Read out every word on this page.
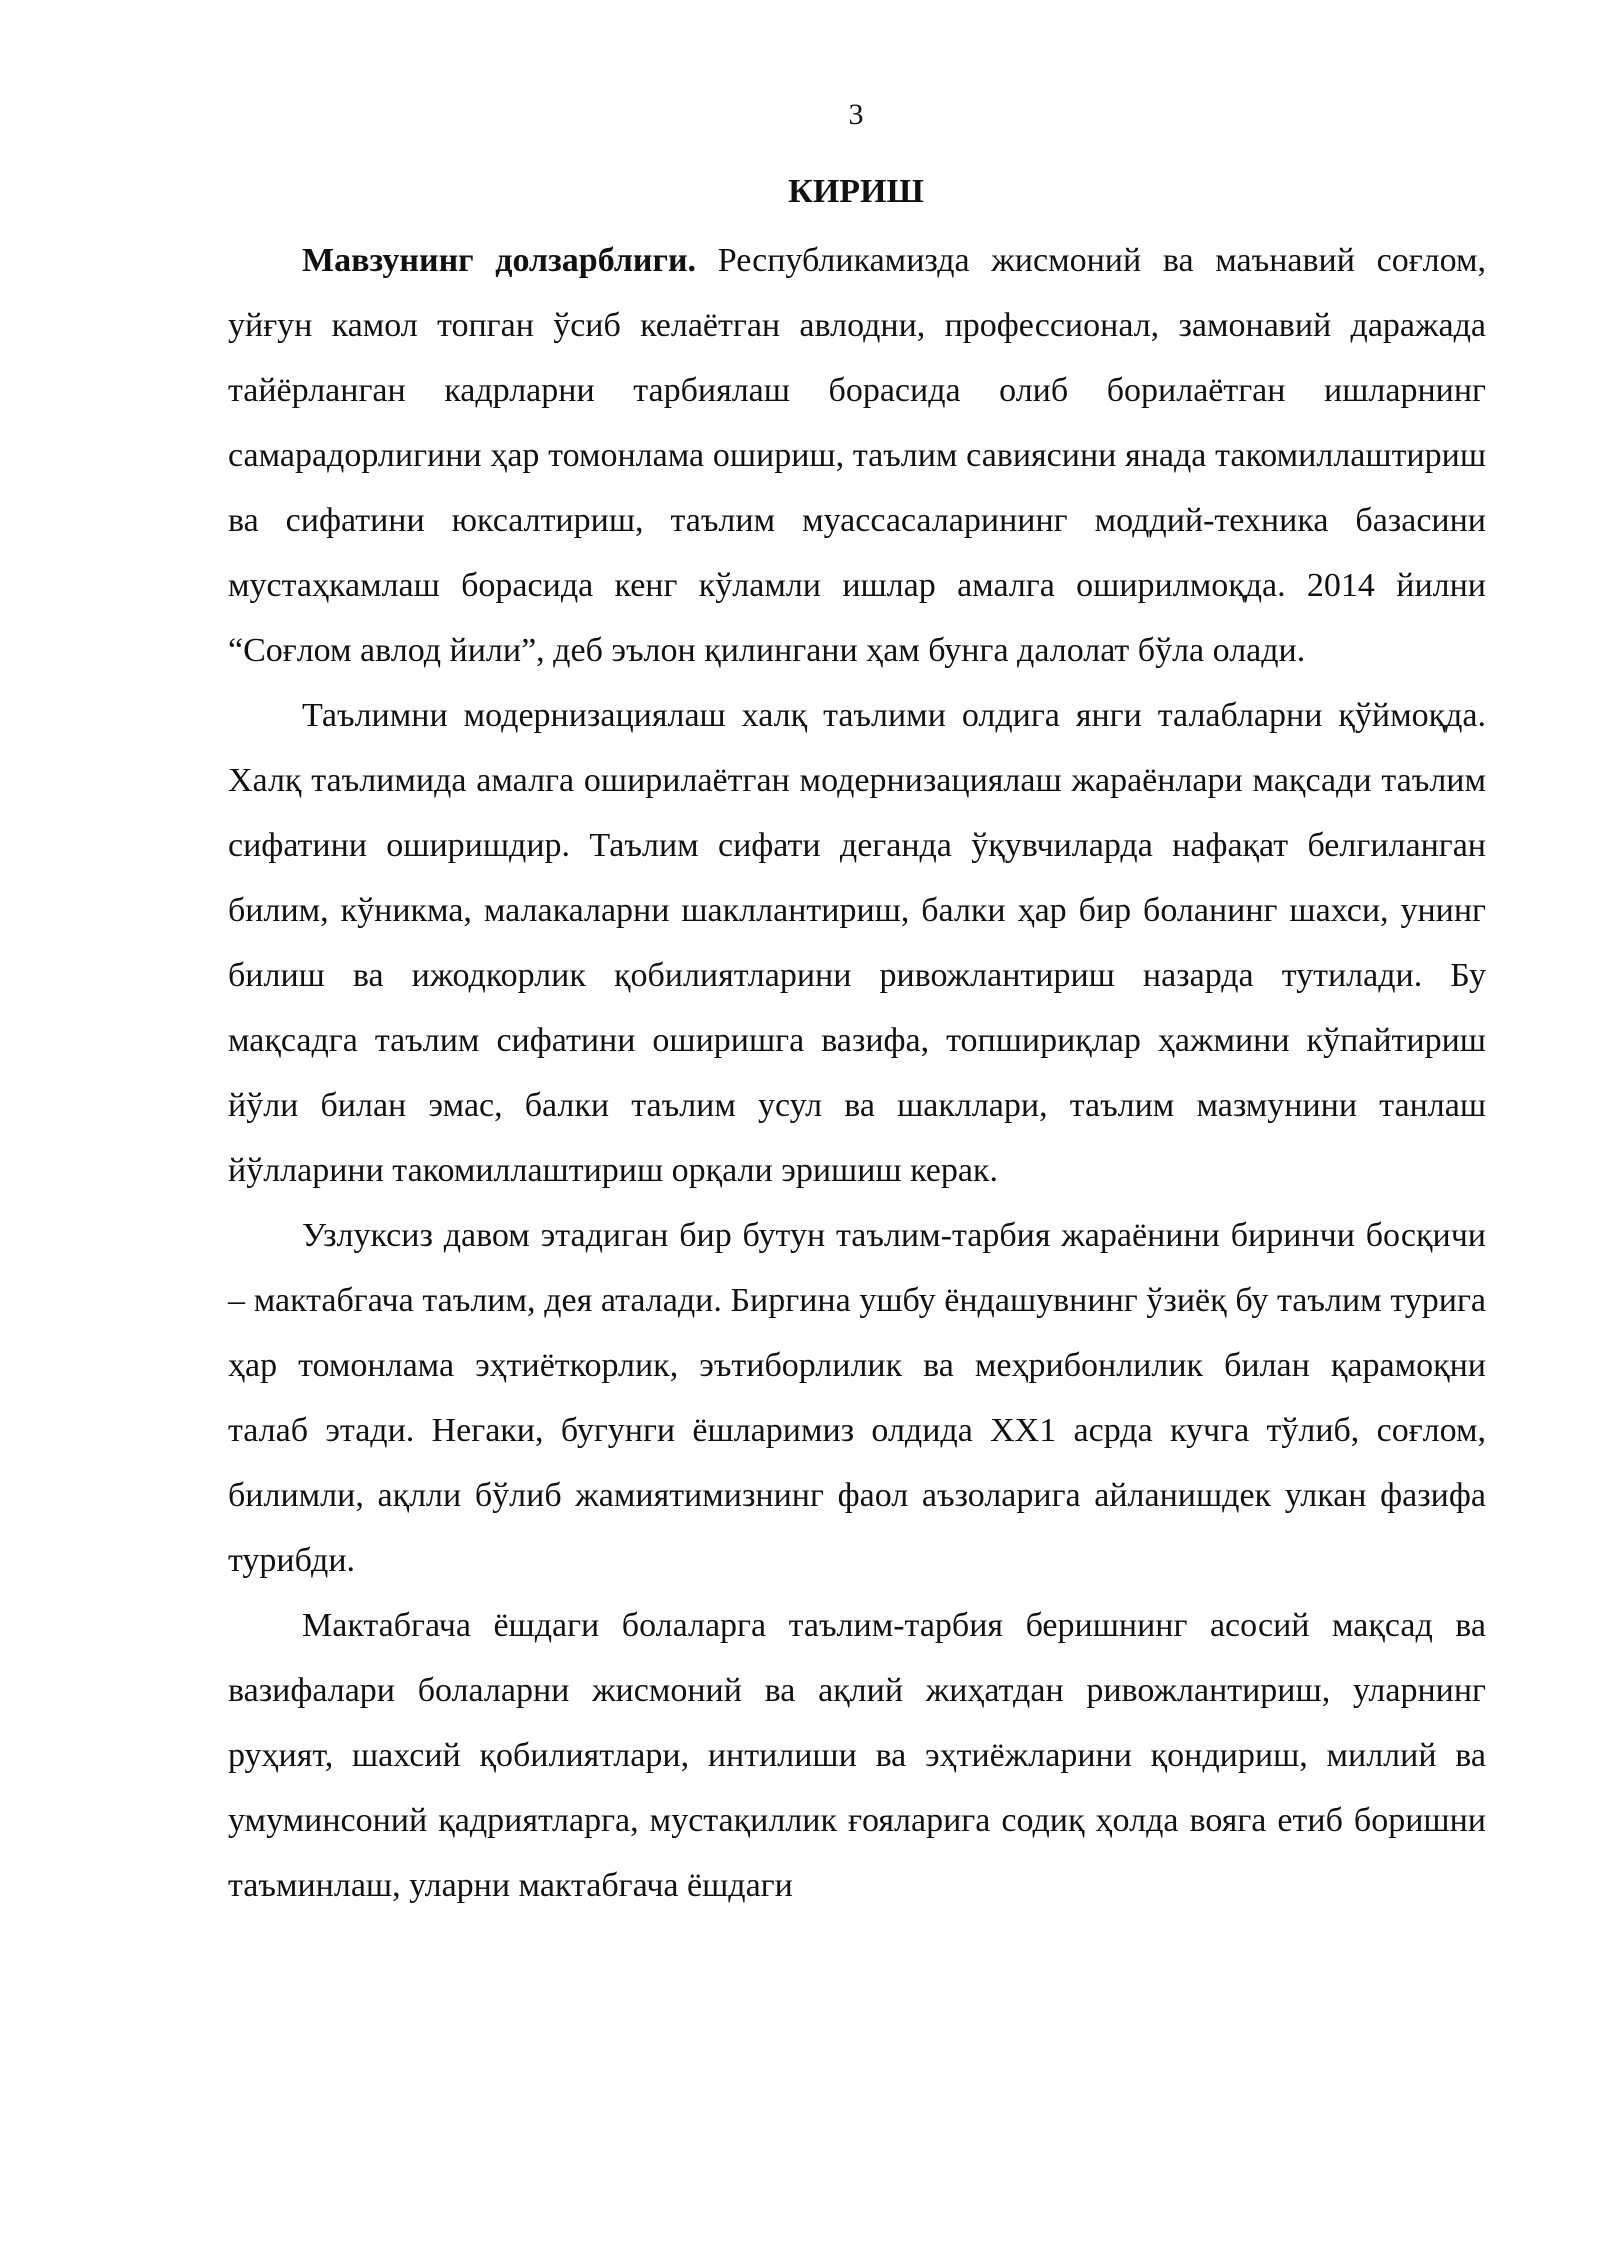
3
КИРИШ

Мавзунинг долзарблиги. Республикамизда жисмоний ва маънавий соғлом, уйғун камол топган ўсиб келаётган авлодни, профессионал, замонавий даражада тайёрланган кадрларни тарбиялаш борасида олиб борилаётган ишларнинг самарадорлигини ҳар томонлама ошириш, таълим савиясини янада такомиллаштириш ва сифатини юксалтириш, таълим муассасаларининг моддий-техника базасини мустаҳкамлаш борасида кенг кўламли ишлар амалга оширилмоқда. 2014 йилни “Соғлом авлод йили”, деб эълон қилингани ҳам бунга далолат бўла олади.

Таълимни модернизациялаш халқ таълими олдига янги талабларни қўймоқда. Халқ таълимида амалга оширилаётган модернизациялаш жараёнлари мақсади таълим сифатини оширишдир. Таълим сифати деганда ўқувчиларда нафақат белгиланган билим, кўникма, малакаларни шакллантириш, балки ҳар бир боланинг шахси, унинг билиш ва ижодкорлик қобилиятларини ривожлантириш назарда тутилади. Бу мақсадга таълим сифатини оширишга вазифа, топшириқлар ҳажмини кўпайтириш йўли билан эмас, балки таълим усул ва шакллари, таълим мазмунини танлаш йўлларини такомиллаштириш орқали эришиш керак.

Узлуксиз давом этадиган бир бутун таълим-тарбия жараёнини биринчи босқичи – мактабгача таълим, дея аталади. Биргина ушбу ёндашувнинг ўзиёқ бу таълим турига ҳар томонлама эҳтиёткорлик, эътиборлилик ва меҳрибонлилик билан қарамоқни талаб этади. Негаки, бугунги ёшларимиз олдида ХХ1 асрда кучга тўлиб, соғлом, билимли, ақлли бўлиб жамиятимизнинг фаол аъзоларига айланишдек улкан фазифа турибди.

Мактабгача ёшдаги болаларга таълим-тарбия беришнинг асосий мақсад ва вазифалари болаларни жисмоний ва ақлий жиҳатдан ривожлантириш, уларнинг руҳият, шахсий қобилиятлари, интилиши ва эҳтиёжларини қондириш, миллий ва умуминсоний қадриятларга, мустақиллик ғояларига содиқ ҳолда вояга етиб боришни таъминлаш, уларни мактабгача ёшдаги
